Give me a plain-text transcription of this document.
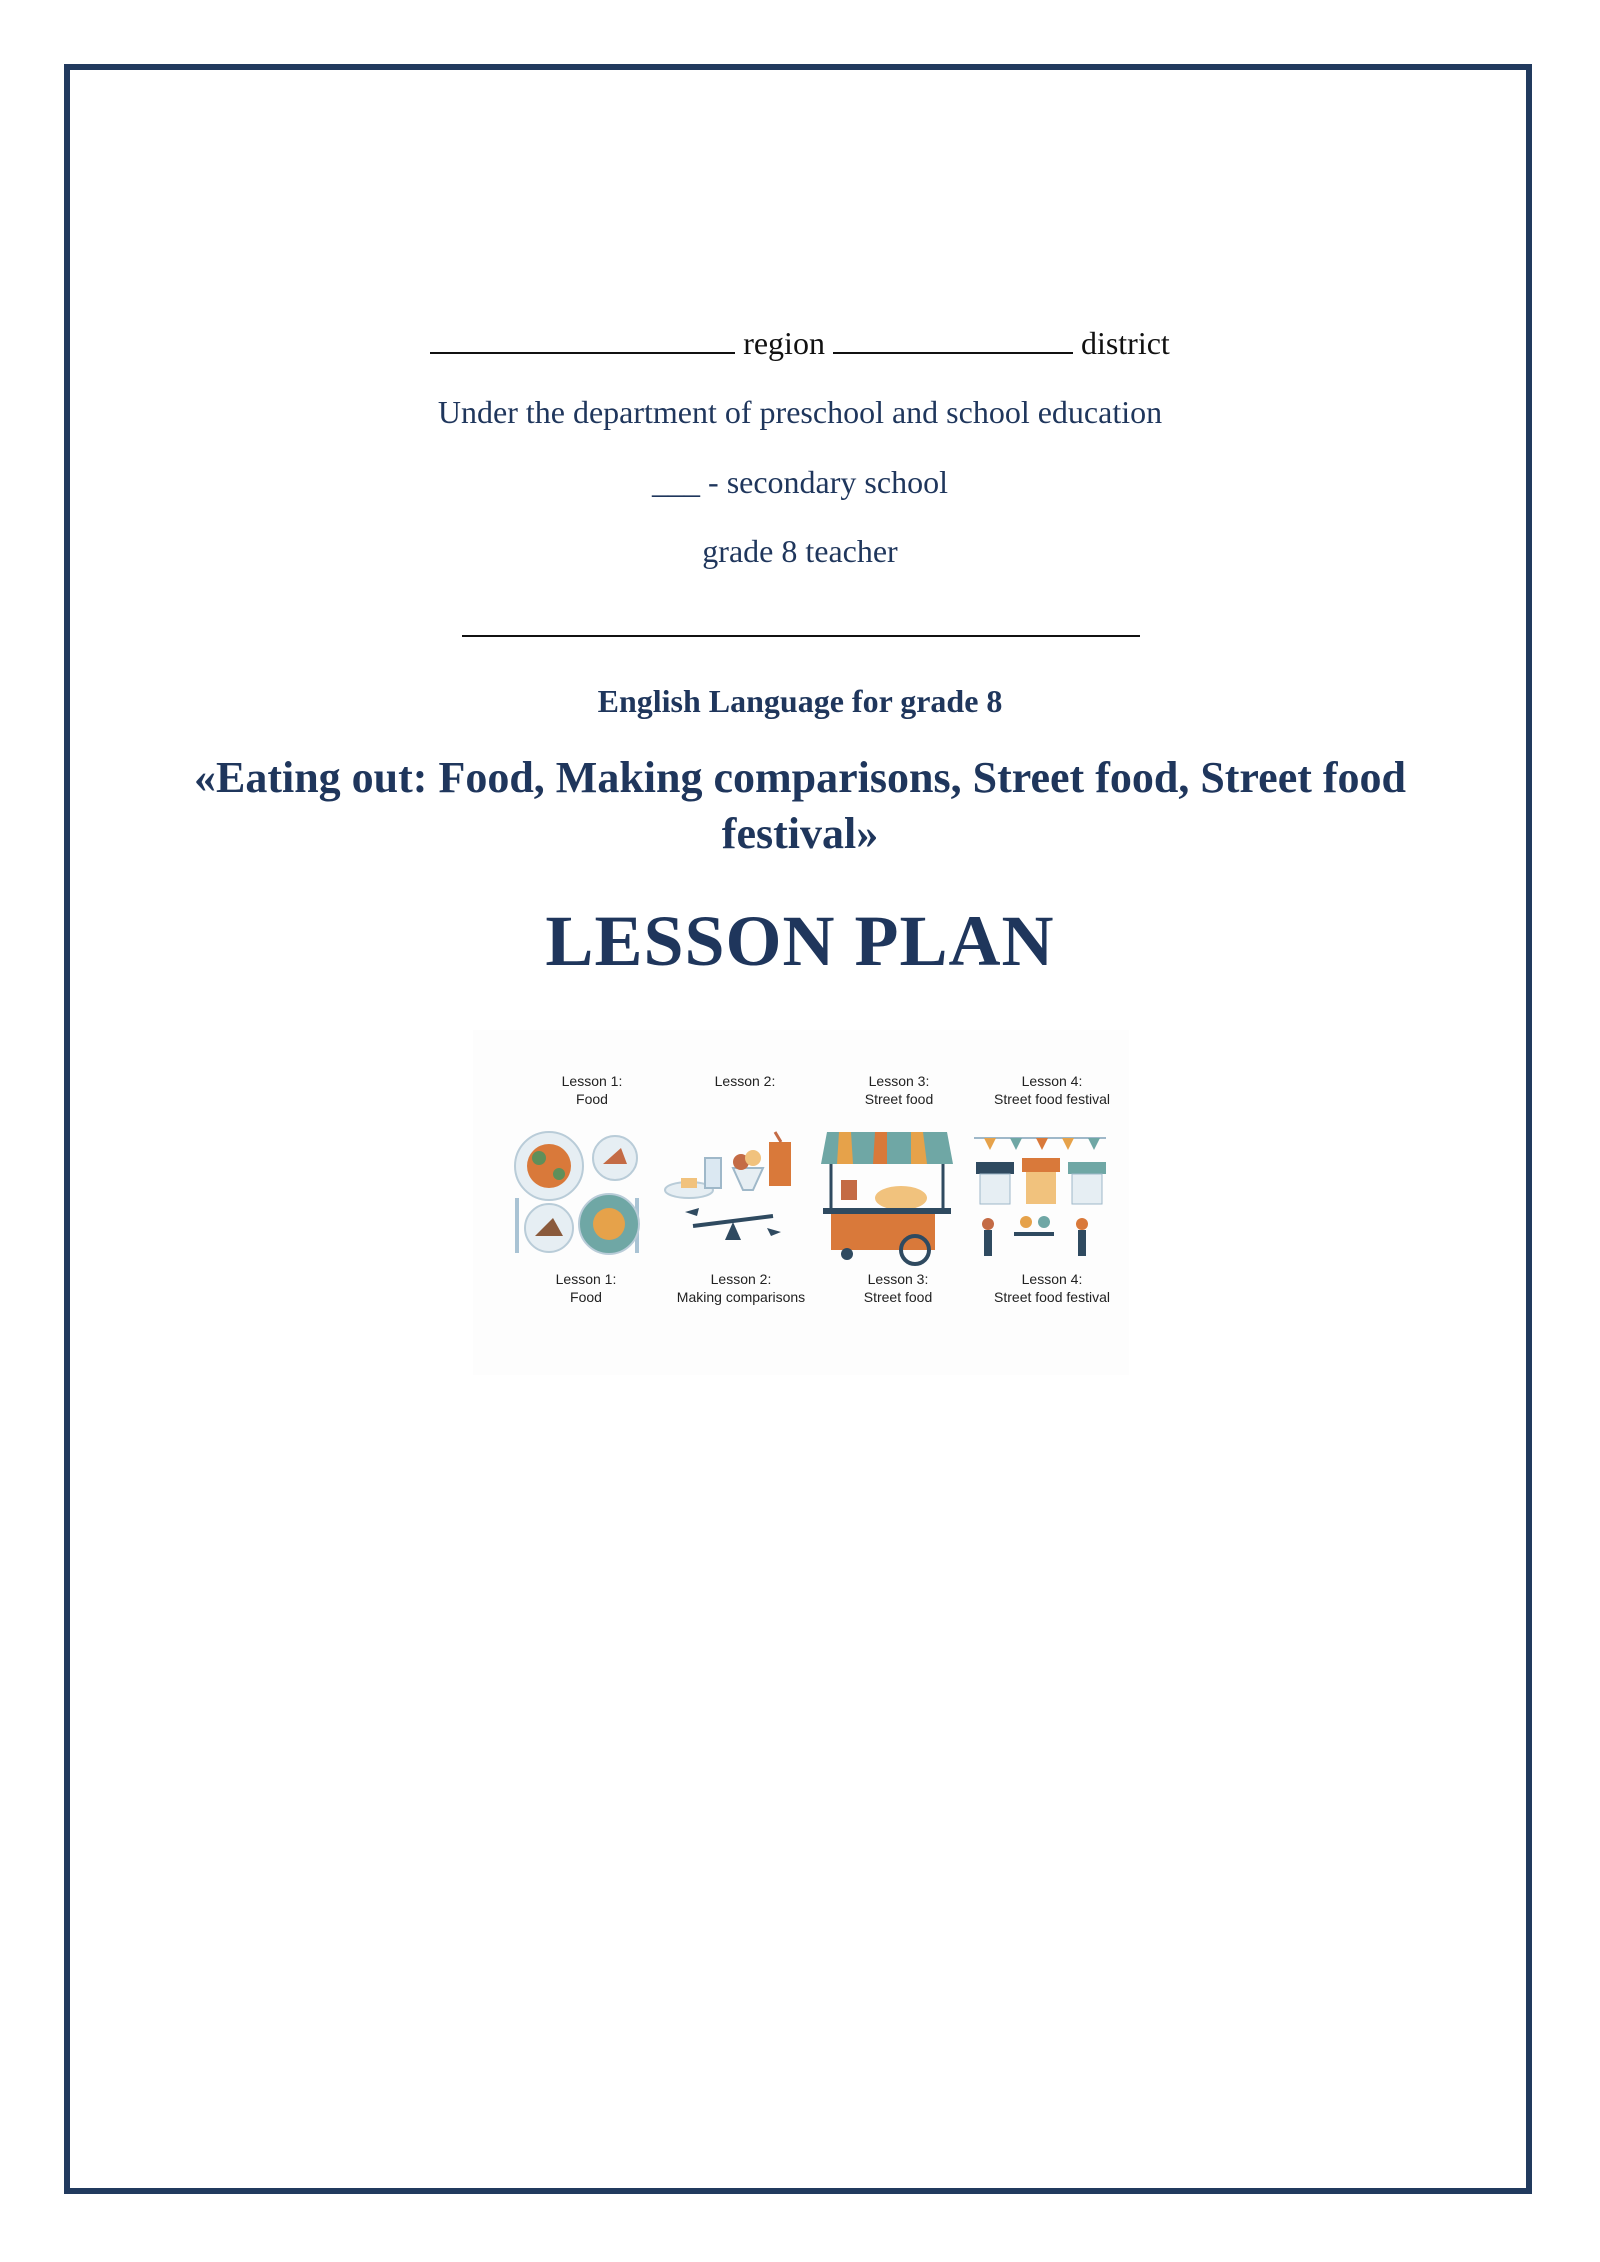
region	district
Under the department of preschool and school education
___ - secondary school
grade 8 teacher
English Language for grade 8
«Eating out: Food, Making comparisons, Street food, Street food festival»
LESSON PLAN
Lesson 1:
Food
Lesson 2:	Lesson 3:
Street food
Lesson 4:
Street food festival
Lesson 1:
Food
Lesson 2:
Making comparisons
Lesson 3:
Street food
Lesson 4:
Street food festival
